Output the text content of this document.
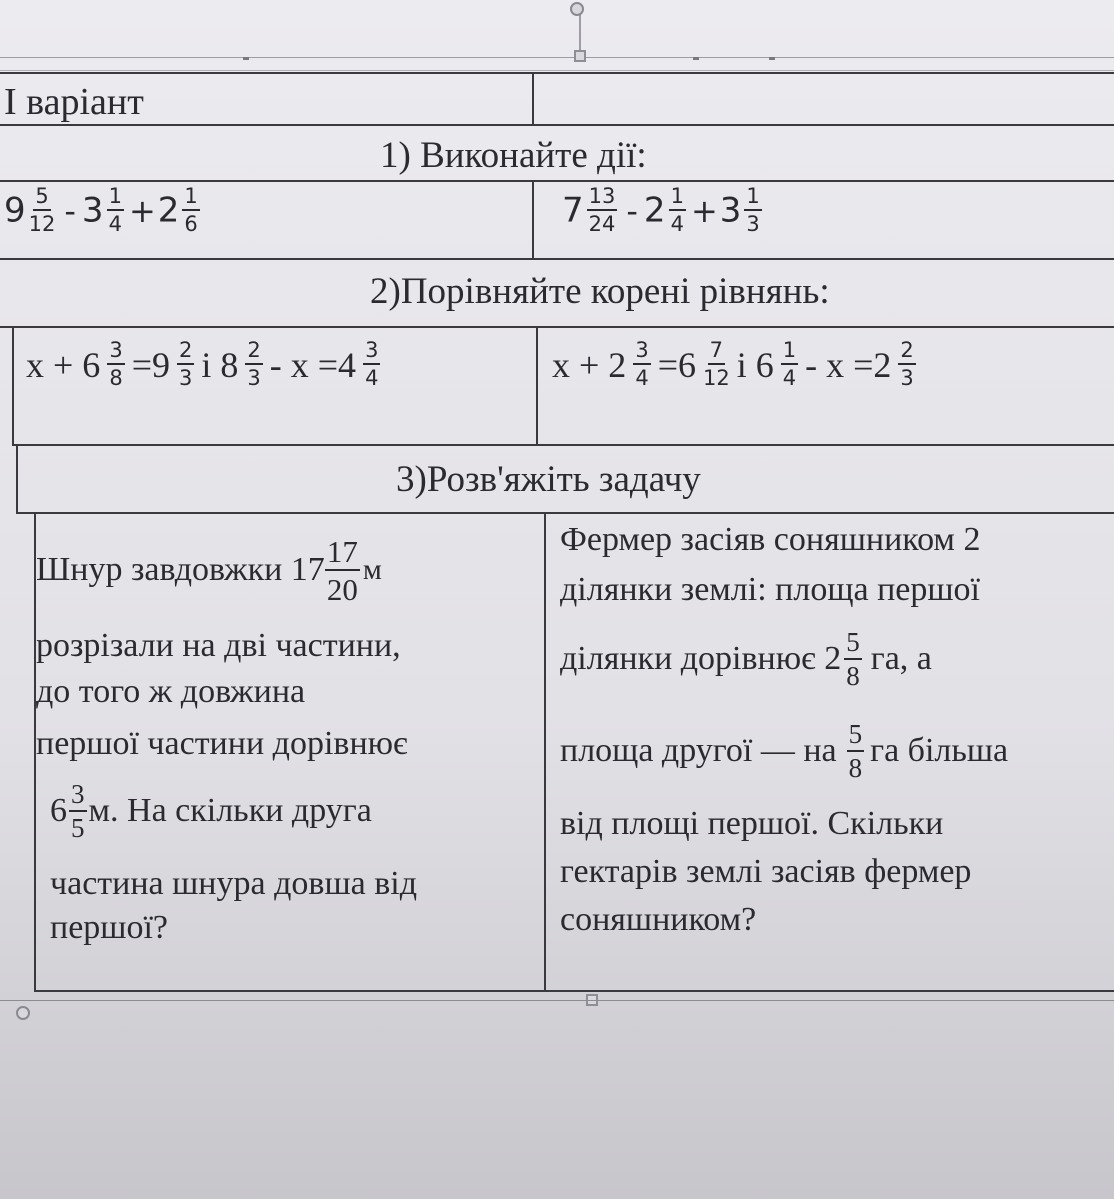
І варіант
1) Виконайте дії:
$9 \frac{5}{12} - 3 \frac{1}{4} +2 \frac{1}{6}$	$7 \frac{13}{24} - 2 \frac{1}{4} +3 \frac{1}{3}$
2)Порівняйте корені рівнянь:
$x + 6 \frac{3}{8} =9 \frac{2}{3}$ і $8 \frac{2}{3} - x =4 \frac{3}{4}$	$x + 2 \frac{3}{4} =6 \frac{7}{12}$ і $6 \frac{1}{4} - x =2 \frac{2}{3}$
3)Розв'яжіть задачу
Шнур завдовжки $17 \frac{17}{20}$ м
розрізали на дві частини,
до того ж довжина
першої частини дорівнює
$6 \frac{3}{5} м$. На скільки друга
частина шнура довша від
першої?
Фермер засіяв соняшником 2
ділянки землі: площа першої
ділянки дорівнює $2 \frac{5}{8}$ га, а
площа другої — на $\frac{5}{8}$ га більша
від площі першої. Скільки
гектарів землі засіяв фермер
соняшником?
